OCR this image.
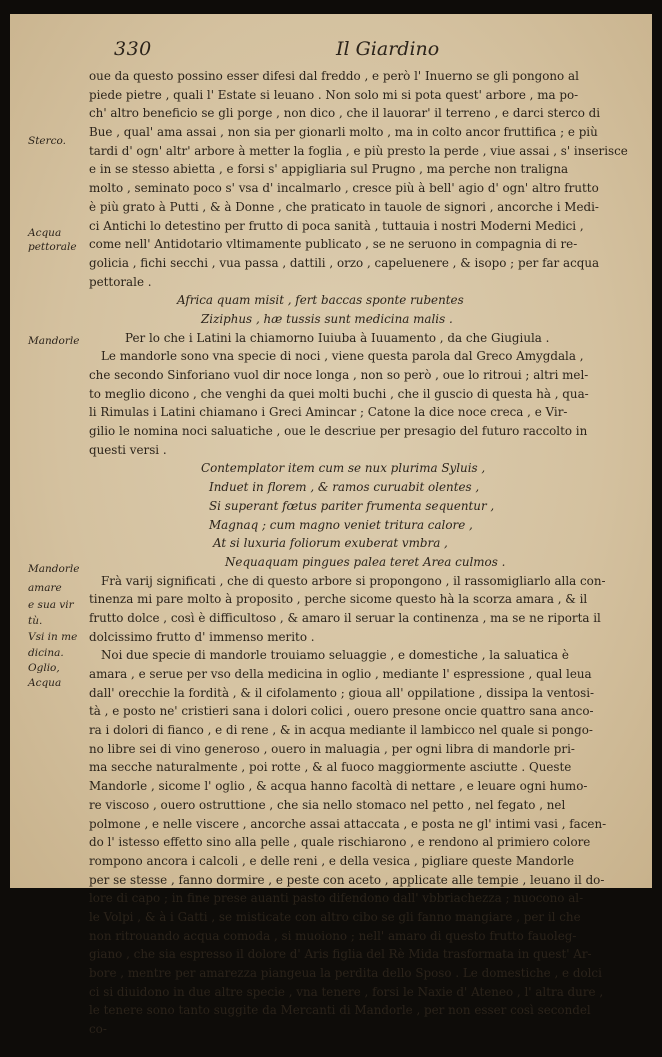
330	Il Giardino
Sterco.
Acqua
pettorale
Mandorle
Mandorle
amare
e sua vir
tù.
Vsi in me
dicina.
Oglio,
Acqua
oue da questo possino esser difesi dal freddo , e però l' Inuerno se gli pongono al
piede pietre , quali l' Estate si leuano . Non solo mi si pota quest' arbore , ma po-
ch' altro beneficio se gli porge , non dico , che il lauorar' il terreno , e darci sterco di
Bue , qual' ama assai , non sia per gionarli molto , ma in colto ancor fruttifica ; e più
tardi d' ogn' altr' arbore à metter la foglia , e più presto la perde , viue assai , s' inserisce
e in se stesso abietta , e forsi s' appigliaria sul Prugno , ma perche non traligna
molto , seminato poco s' vsa d' incalmarlo , cresce più à bell' agio d' ogn' altro frutto
è più grato à Putti , & à Donne , che praticato in tauole de signori , ancorche i Medi-
ci Antichi lo detestino per frutto di poca sanità , tuttauia i nostri Moderni Medici ,
come nell' Antidotario vltimamente publicato , se ne seruono in compagnia di re-
golicia , fichi secchi , vua passa , dattili , orzo , capeluenere , & isopo ; per far acqua
pettorale .
Africa quam misit , fert baccas sponte rubentes
Ziziphus , hæ tussis sunt medicina malis .
Per lo che i Latini la chiamorno Iuiuba à Iuuamento , da che Giugiula .
Le mandorle sono vna specie di noci , viene questa parola dal Greco Amygdala ,
che secondo Sinforiano vuol dir noce longa , non so però , oue lo ritroui ; altri mel-
to meglio dicono , che venghi da quei molti buchi , che il guscio di questa hà , qua-
li Rimulas i Latini chiamano i Greci Amincar ; Catone la dice noce creca , e Vir-
gilio le nomina noci saluatiche , oue le descriue per presagio del futuro raccolto in
questi versi .
Contemplator item cum se nux plurima Syluis ,
Induet in florem , & ramos curuabit olentes ,
Si superant fœtus pariter frumenta sequentur ,
Magnaq ; cum magno veniet tritura calore ,
At si luxuria foliorum exuberat vmbra ,
Nequaquam pingues palea teret Area culmos .
Frà varij significati , che di questo arbore si propongono , il rassomigliarlo alla con-
tinenza mi pare molto à proposito , perche sicome questo hà la scorza amara , & il
frutto dolce , così è difficultoso , & amaro il seruar la continenza , ma se ne riporta il
dolcissimo frutto d' immenso merito .
Noi due specie di mandorle trouiamo seluaggie , e domestiche , la saluatica è
amara , e serue per vso della medicina in oglio , mediante l' espressione , qual leua
dall' orecchie la fordità , & il cifolamento ; gioua all' oppilatione , dissipa la ventosi-
tà , e posto ne' cristieri sana i dolori colici , ouero presone oncie quattro sana anco-
ra i dolori di fianco , e di rene , & in acqua mediante il lambicco nel quale si pongo-
no libre sei di vino generoso , ouero in maluagia , per ogni libra di mandorle pri-
ma secche naturalmente , poi rotte , & al fuoco maggiormente asciutte . Queste
Mandorle , sicome l' oglio , & acqua hanno facoltà di nettare , e leuare ogni humo-
re viscoso , ouero ostruttione , che sia nello stomaco nel petto , nel fegato , nel
polmone , e nelle viscere , ancorche assai attaccata , e posta ne gl' intimi vasi , facen-
do l' istesso effetto sino alla pelle , quale rischiarono , e rendono al primiero colore
rompono ancora i calcoli , e delle reni , e della vesica , pigliare queste Mandorle
per se stesse , fanno dormire , e peste con aceto , applicate alle tempie , leuano il do-
lore di capo ; in fine prese auanti pasto difendono dall' vbbriachezza ; nuocono al-
le Volpi , & à i Gatti , se misticate con altro cibo se gli fanno mangiare , per il che
non ritrouando acqua comoda , si muoiono ; nell' amaro di questo frutto fauoleg-
giano , che sia espresso il dolore d' Aris figlia del Rè Mida trasformata in quest' Ar-
bore , mentre per amarezza piangeua la perdita dello Sposo . Le domestiche , e dolci
ci si diuidono in due altre specie , vna tenere , forsi le Naxie d' Ateneo , l' altra dure ,
le tenere sono tanto suggite da Mercanti di Mandorle , per non esser così secondel
co-
